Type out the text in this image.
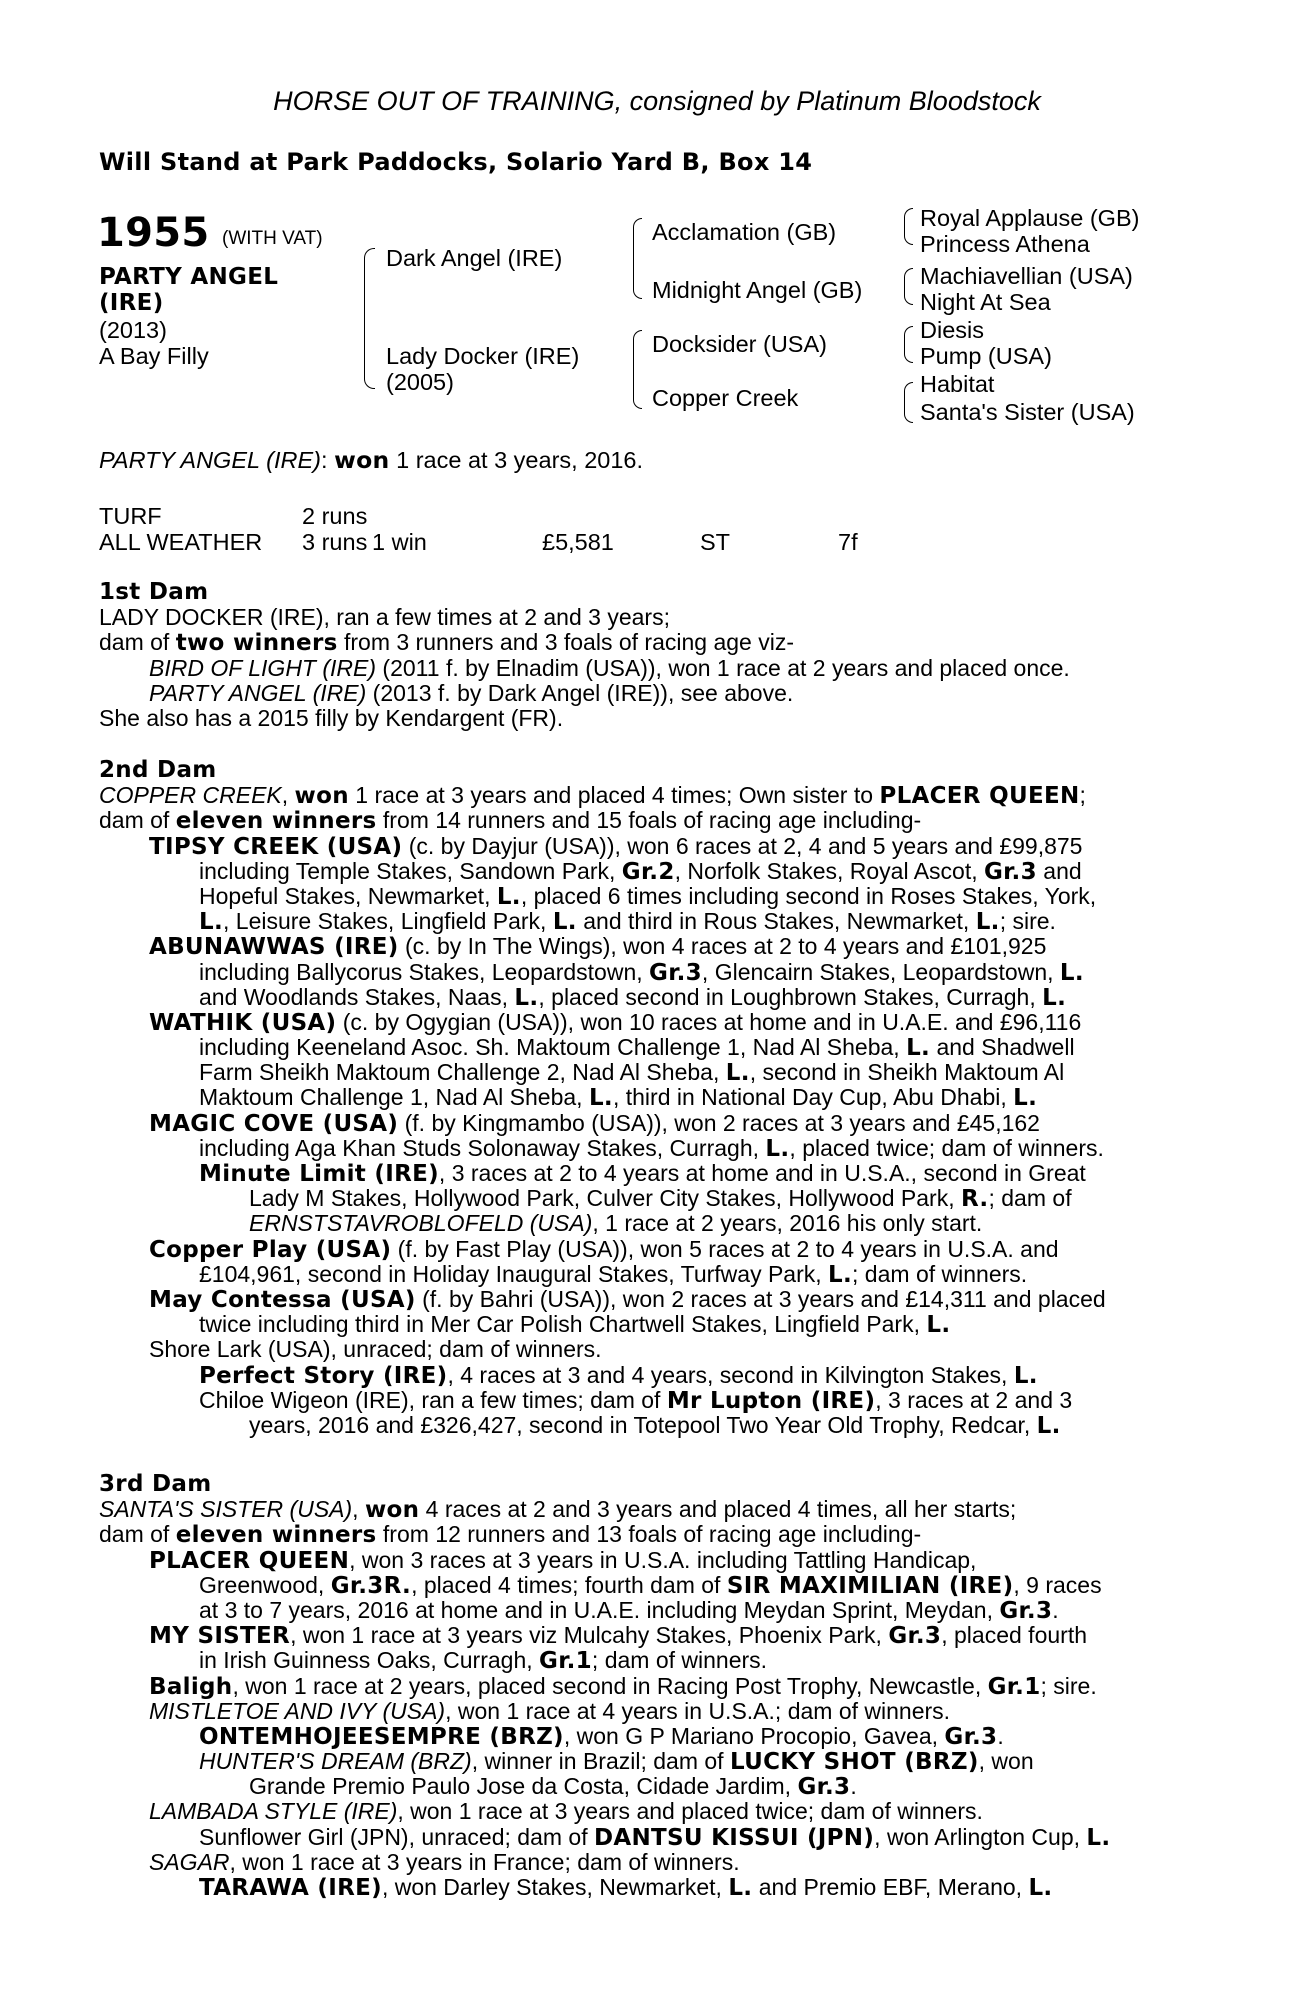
HORSE OUT OF TRAINING, consigned by Platinum Bloodstock
Will Stand at Park Paddocks, Solario Yard B, Box 14
1955 (WITH VAT)
PARTY ANGEL
(IRE)
(2013)
A Bay Filly
Dark Angel (IRE)
Lady Docker (IRE)
(2005)
Acclamation (GB)
Midnight Angel (GB)
Docksider (USA)
Copper Creek
Royal Applause (GB)
Princess Athena
Machiavellian (USA)
Night At Sea
Diesis
Pump (USA)
Habitat
Santa's Sister (USA)
PARTY ANGEL (IRE): won 1 race at 3 years, 2016.
TURF	2 runs
ALL WEATHER 3 runs 1 win	£5,581	ST	7f
1st Dam
LADY DOCKER (IRE), ran a few times at 2 and 3 years;
dam of two winners from 3 runners and 3 foals of racing age viz-
BIRD OF LIGHT (IRE) (2011 f. by Elnadim (USA)), won 1 race at 2 years and placed once.
PARTY ANGEL (IRE) (2013 f. by Dark Angel (IRE)), see above.
She also has a 2015 filly by Kendargent (FR).
2nd Dam
COPPER CREEK, won 1 race at 3 years and placed 4 times; Own sister to PLACER QUEEN;
dam of eleven winners from 14 runners and 15 foals of racing age including-
TIPSY CREEK (USA) (c. by Dayjur (USA)), won 6 races at 2, 4 and 5 years and £99,875
including Temple Stakes, Sandown Park, Gr.2, Norfolk Stakes, Royal Ascot, Gr.3 and
Hopeful Stakes, Newmarket, L., placed 6 times including second in Roses Stakes, York,
L., Leisure Stakes, Lingfield Park, L. and third in Rous Stakes, Newmarket, L.; sire.
ABUNAWWAS (IRE) (c. by In The Wings), won 4 races at 2 to 4 years and £101,925
including Ballycorus Stakes, Leopardstown, Gr.3, Glencairn Stakes, Leopardstown, L.
and Woodlands Stakes, Naas, L., placed second in Loughbrown Stakes, Curragh, L.
WATHIK (USA) (c. by Ogygian (USA)), won 10 races at home and in U.A.E. and £96,116
including Keeneland Asoc. Sh. Maktoum Challenge 1, Nad Al Sheba, L. and Shadwell
Farm Sheikh Maktoum Challenge 2, Nad Al Sheba, L., second in Sheikh Maktoum Al
Maktoum Challenge 1, Nad Al Sheba, L., third in National Day Cup, Abu Dhabi, L.
MAGIC COVE (USA) (f. by Kingmambo (USA)), won 2 races at 3 years and £45,162
including Aga Khan Studs Solonaway Stakes, Curragh, L., placed twice; dam of winners.
Minute Limit (IRE), 3 races at 2 to 4 years at home and in U.S.A., second in Great
Lady M Stakes, Hollywood Park, Culver City Stakes, Hollywood Park, R.; dam of
ERNSTSTAVROBLOFELD (USA), 1 race at 2 years, 2016 his only start.
Copper Play (USA) (f. by Fast Play (USA)), won 5 races at 2 to 4 years in U.S.A. and
£104,961, second in Holiday Inaugural Stakes, Turfway Park, L.; dam of winners.
May Contessa (USA) (f. by Bahri (USA)), won 2 races at 3 years and £14,311 and placed
twice including third in Mer Car Polish Chartwell Stakes, Lingfield Park, L.
Shore Lark (USA), unraced; dam of winners.
Perfect Story (IRE), 4 races at 3 and 4 years, second in Kilvington Stakes, L.
Chiloe Wigeon (IRE), ran a few times; dam of Mr Lupton (IRE), 3 races at 2 and 3
years, 2016 and £326,427, second in Totepool Two Year Old Trophy, Redcar, L.
3rd Dam
SANTA'S SISTER (USA), won 4 races at 2 and 3 years and placed 4 times, all her starts;
dam of eleven winners from 12 runners and 13 foals of racing age including-
PLACER QUEEN, won 3 races at 3 years in U.S.A. including Tattling Handicap,
Greenwood, Gr.3R., placed 4 times; fourth dam of SIR MAXIMILIAN (IRE), 9 races
at 3 to 7 years, 2016 at home and in U.A.E. including Meydan Sprint, Meydan, Gr.3.
MY SISTER, won 1 race at 3 years viz Mulcahy Stakes, Phoenix Park, Gr.3, placed fourth
in Irish Guinness Oaks, Curragh, Gr.1; dam of winners.
Baligh, won 1 race at 2 years, placed second in Racing Post Trophy, Newcastle, Gr.1; sire.
MISTLETOE AND IVY (USA), won 1 race at 4 years in U.S.A.; dam of winners.
ONTEMHOJEESEMPRE (BRZ), won G P Mariano Procopio, Gavea, Gr.3.
HUNTER'S DREAM (BRZ), winner in Brazil; dam of LUCKY SHOT (BRZ), won
Grande Premio Paulo Jose da Costa, Cidade Jardim, Gr.3.
LAMBADA STYLE (IRE), won 1 race at 3 years and placed twice; dam of winners.
Sunflower Girl (JPN), unraced; dam of DANTSU KISSUI (JPN), won Arlington Cup, L.
SAGAR, won 1 race at 3 years in France; dam of winners.
TARAWA (IRE), won Darley Stakes, Newmarket, L. and Premio EBF, Merano, L.
